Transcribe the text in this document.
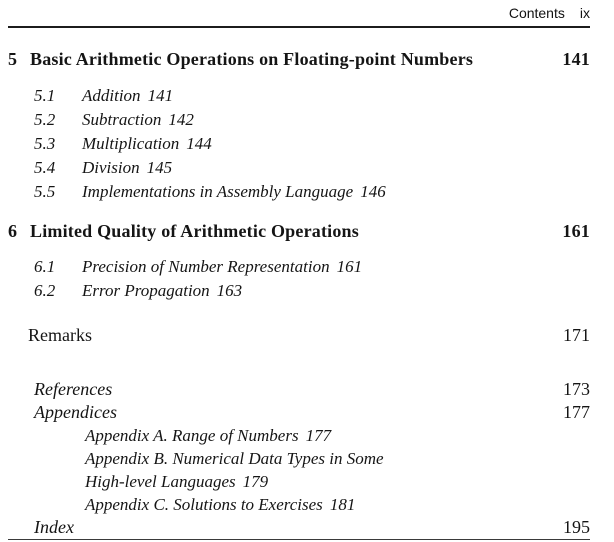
Contents ix
5 Basic Arithmetic Operations on Floating-point Numbers	141
5.1	Addition 141
5.2	Subtraction 142
5.3	Multiplication 144
5.4	Division 145
5.5	Implementations in Assembly Language 146
6 Limited Quality of Arithmetic Operations	161
6.1	Precision of Number Representation 161
6.2	Error Propagation 163
Remarks	171
References	173
Appendices	177
Appendix A. Range of Numbers 177
Appendix B. Numerical Data Types in Some
High-level Languages 179
Appendix C. Solutions to Exercises 181
Index	195
